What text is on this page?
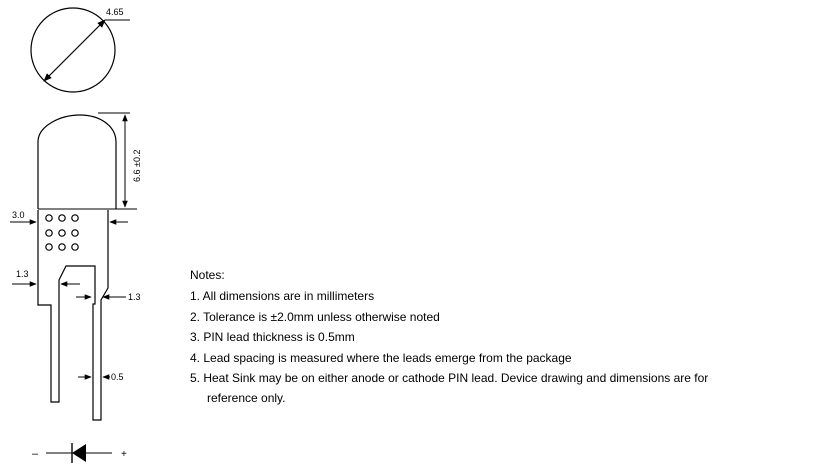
4.65
6.6 ±0.2
3.0
1.3
1.3
0.5
–	+
Notes:
1. All dimensions are in millimeters
2. Tolerance is ±2.0mm unless otherwise noted
3. PIN lead thickness is 0.5mm
4. Lead spacing is measured where the leads emerge from the package
5. Heat Sink may be on either anode or cathode PIN lead. Device drawing and dimensions are for
reference only.
